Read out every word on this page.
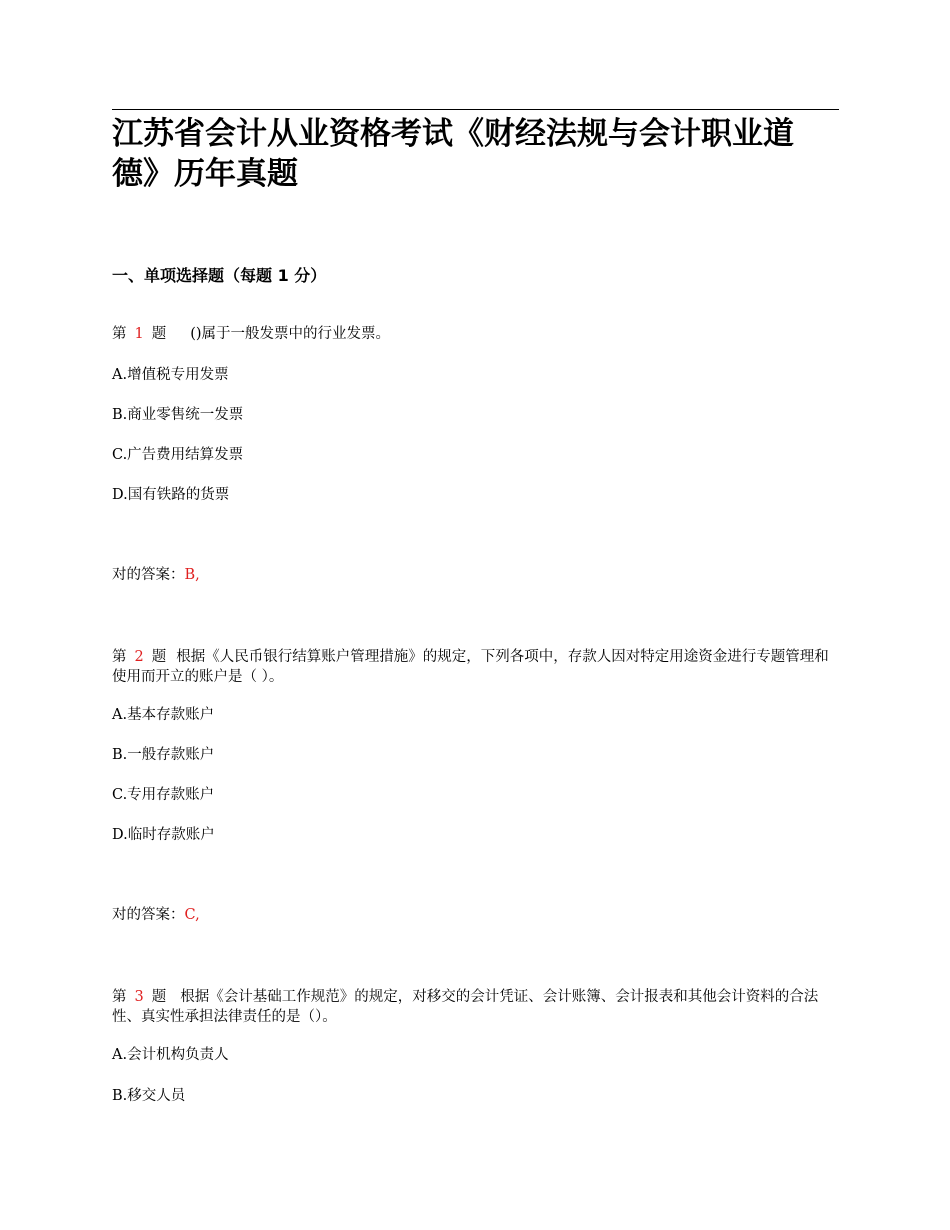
江苏省会计从业资格考试《财经法规与会计职业道德》历年真题
一、单项选择题（每题 1 分）
第 1 题 ()属于一般发票中的行业发票。
A.增值税专用发票
B.商业零售统一发票
C.广告费用结算发票
D.国有铁路的货票
对的答案：B,
第 2 题 根据《人民币银行结算账户管理措施》的规定，下列各项中，存款人因对特定用途资金进行专题管理和使用而开立的账户是（ ）。
A.基本存款账户
B.一般存款账户
C.专用存款账户
D.临时存款账户
对的答案：C,
第 3 题 根据《会计基础工作规范》的规定，对移交的会计凭证、会计账簿、会计报表和其他会计资料的合法性、真实性承担法律责任的是（）。
A.会计机构负责人
B.移交人员
